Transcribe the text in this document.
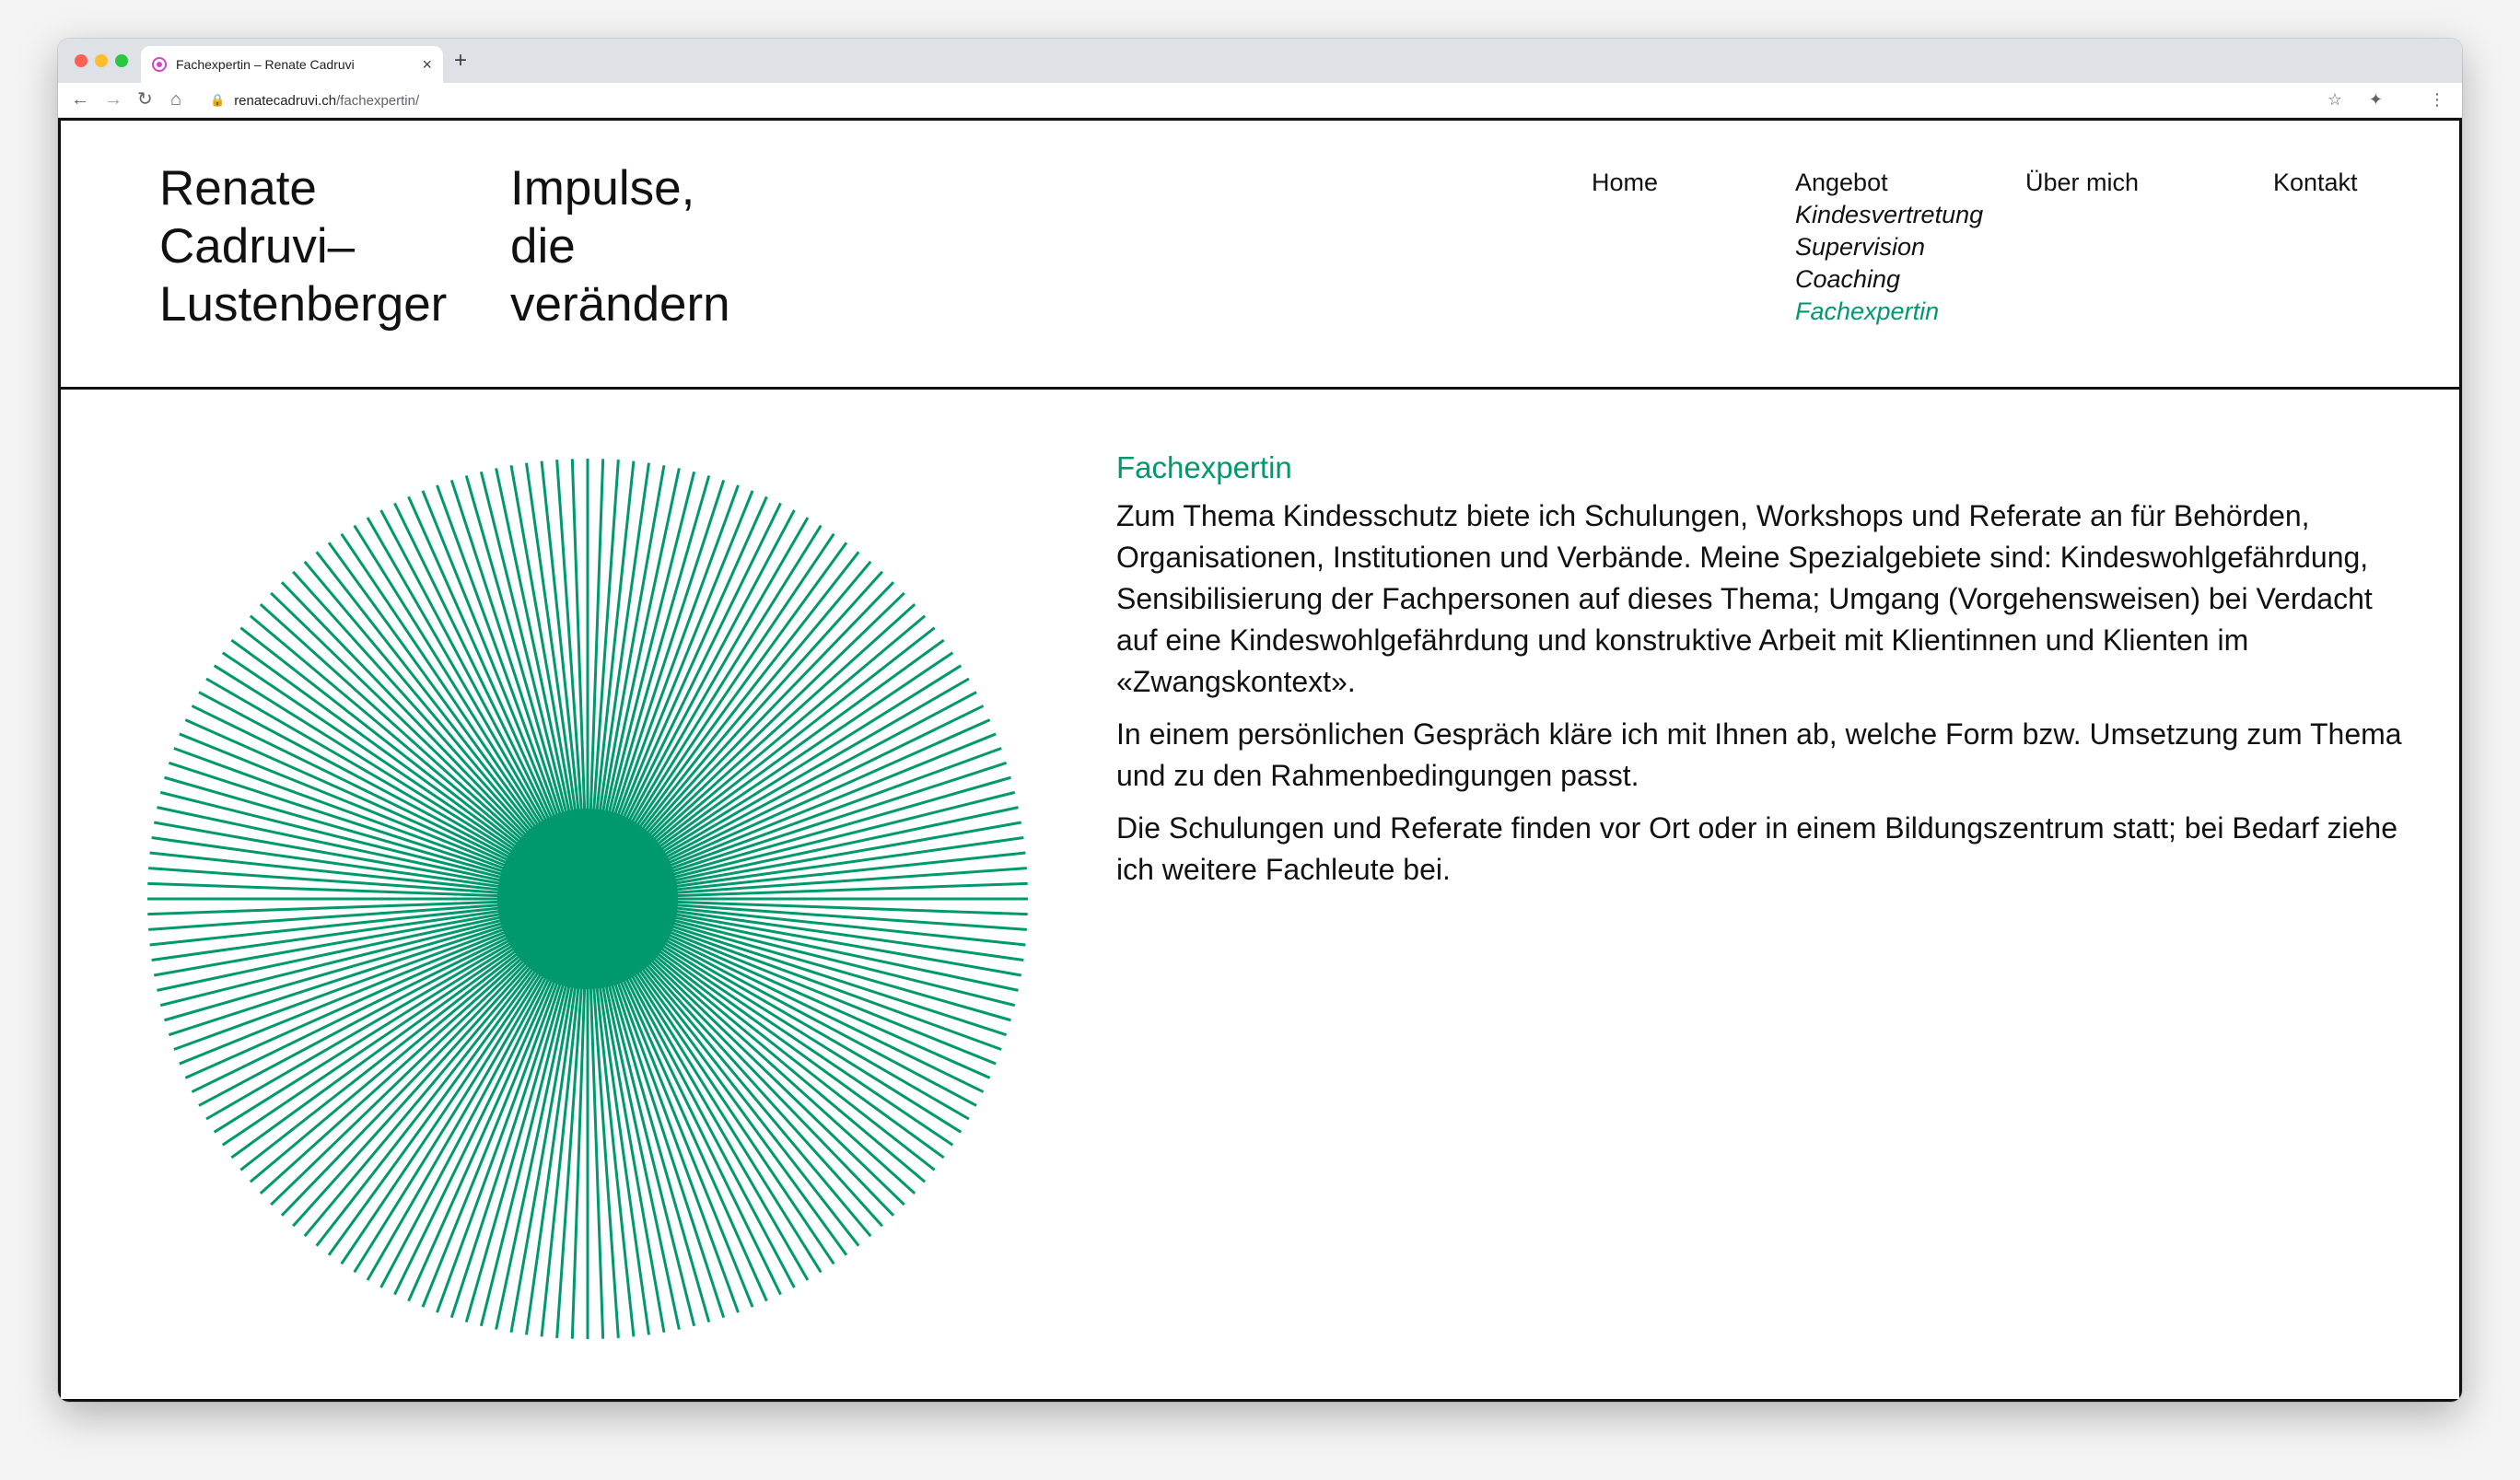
Fachexpertin – Renate Cadruvi	× +
← → ↻ ⌂ 🔒 renatecadruvi.ch /fachexpertin/	☆ ✦	⋮
Renate
Cadruvi–
Lustenberger
Impulse,
die
verändern
Home	Angebot	Über mich	Kontakt
Kindesvertretung
Supervision
Coaching
Fachexpertin
Fachexpertin

Zum Thema Kindesschutz biete ich Schulungen, Workshops und Referate an für Behörden, Organisationen, Institutionen und Verbände. Meine Spezialgebiete sind: Kindeswohlgefährdung, Sensibilisierung der Fachpersonen auf dieses Thema; Umgang (Vorgehensweisen) bei Verdacht auf eine Kindeswohlgefährdung und konstruktive Arbeit mit Klientinnen und Klienten im «Zwangskontext».

In einem persönlichen Gespräch kläre ich mit Ihnen ab, welche Form bzw. Umsetzung zum Thema und zu den Rahmenbedingungen passt.

Die Schulungen und Referate finden vor Ort oder in einem Bildungszentrum statt; bei Bedarf ziehe ich weitere Fachleute bei.
